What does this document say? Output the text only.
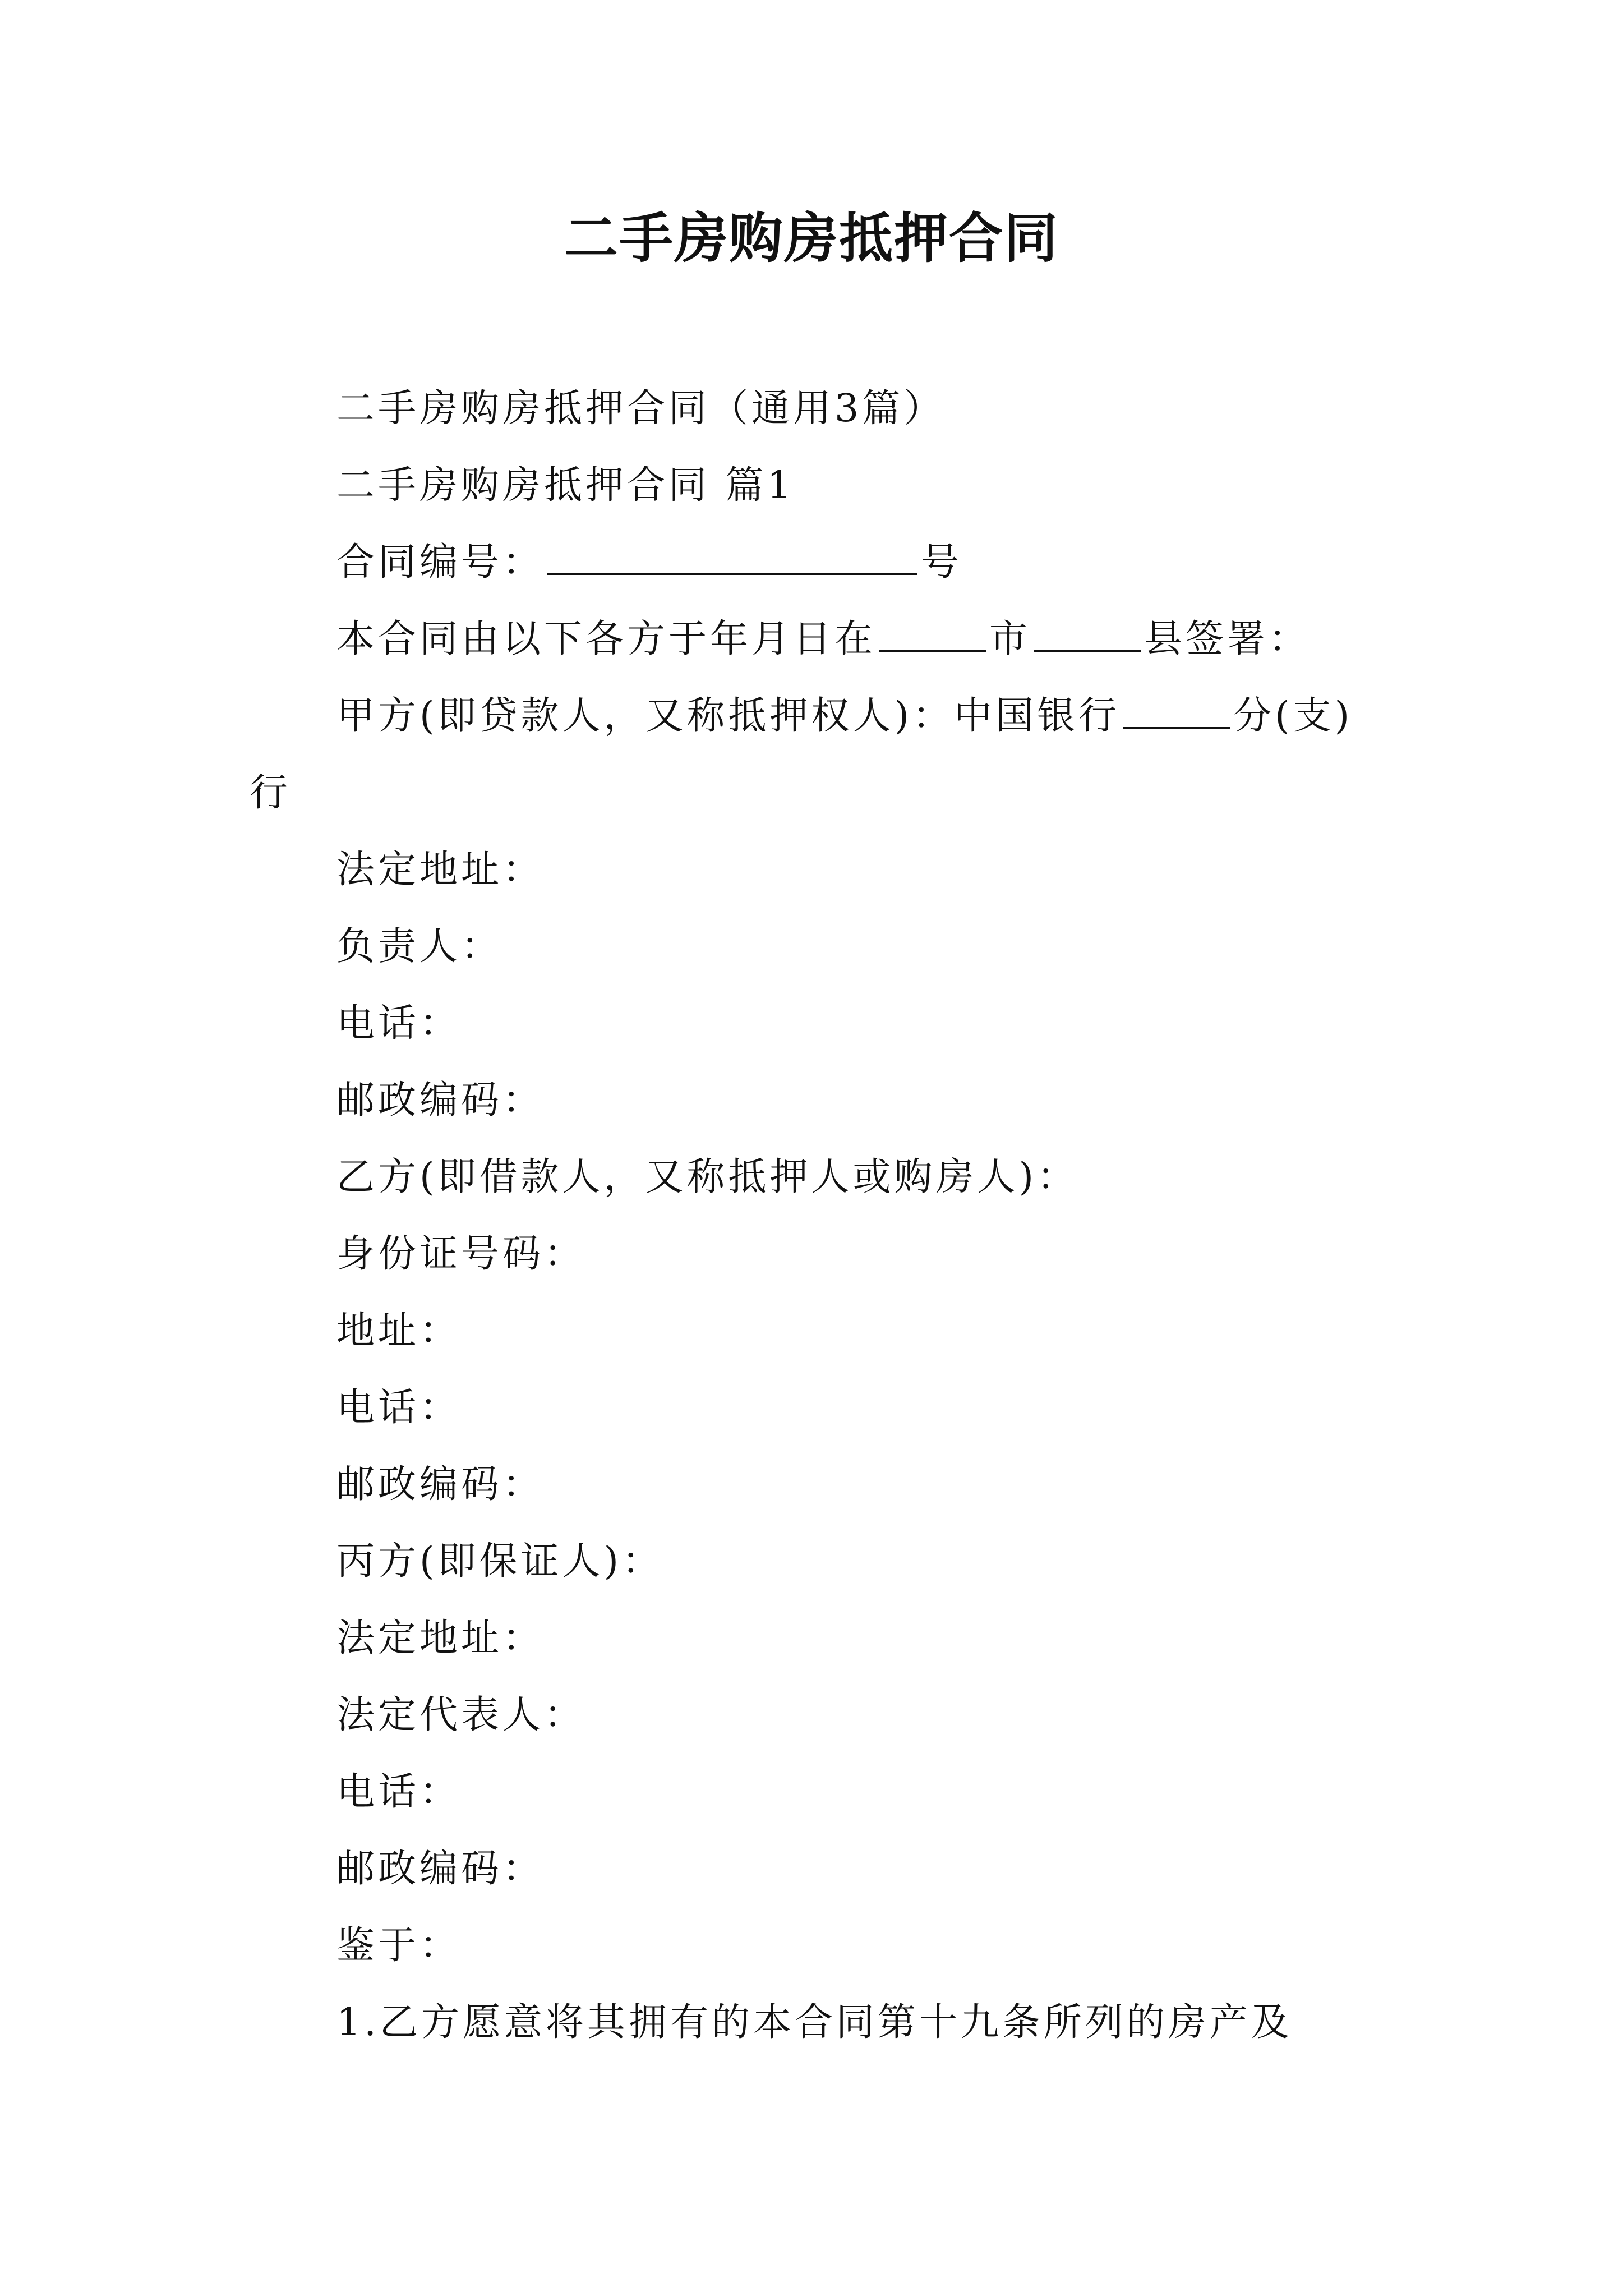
二手房购房抵押合同
二手房购房抵押合同（通用3篇）
二手房购房抵押合同 篇1
合同编号：	号
本合同由以下各方于年月日在	市	县签署：
甲方(即贷款人，又称抵押权人)：中国银行	分(支)
行
法定地址：
负责人：
电话：
邮政编码：
乙方(即借款人，又称抵押人或购房人)：
身份证号码：
地址：
电话：
邮政编码：
丙方(即保证人)：
法定地址：
法定代表人：
电话：
邮政编码：
鉴于：
1.乙方愿意将其拥有的本合同第十九条所列的房产及
